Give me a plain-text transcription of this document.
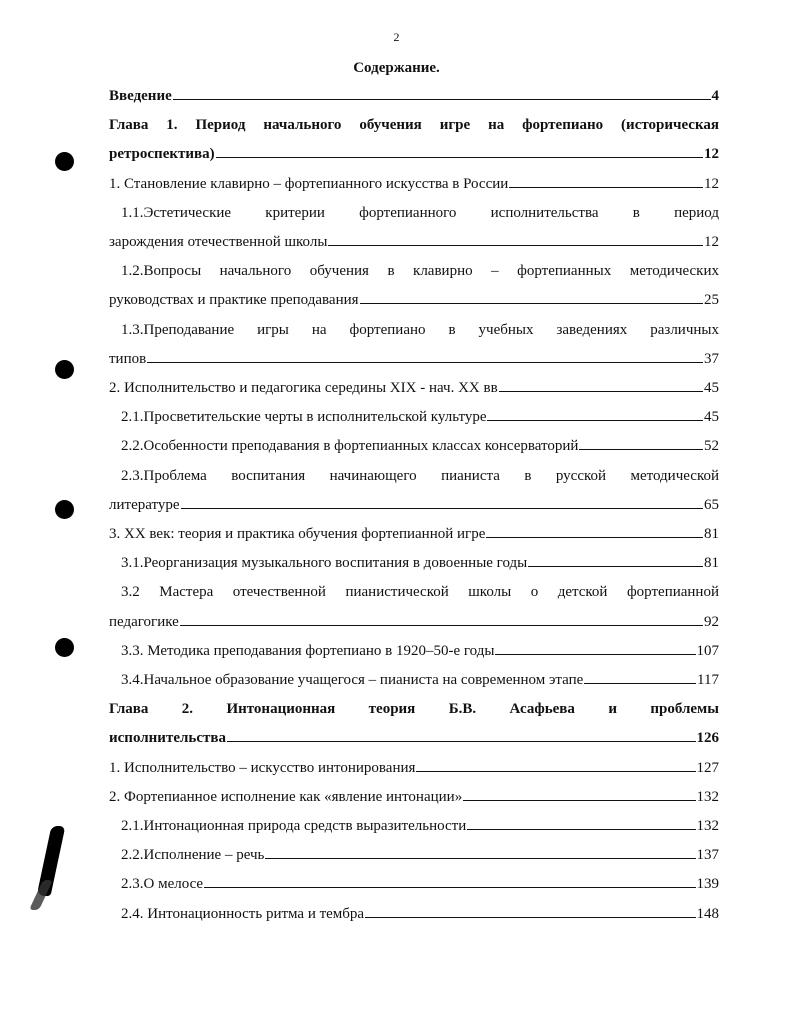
2
Содержание.
Введение	4
Глава 1. Период начального обучения игре на фортепиано (историческая
ретроспектива)	12
1. Становление клавирно – фортепианного искусства в России	12
1.1.Эстетические критерии фортепианного исполнительства в период
зарождения отечественной школы	12
1.2.Вопросы начального обучения в клавирно – фортепианных методических
руководствах и практике преподавания	25
1.3.Преподавание игры на фортепиано в учебных заведениях различных
типов	37
2. Исполнительство и педагогика середины XIX - нач. XX вв	45
2.1.Просветительские черты в исполнительской культуре	45
2.2.Особенности преподавания в фортепианных классах консерваторий	52
2.3.Проблема воспитания начинающего пианиста в русской методической
литературе	65
3. XX век: теория и практика обучения фортепианной игре	81
3.1.Реорганизация музыкального воспитания в довоенные годы	81
3.2 Мастера отечественной пианистической школы о детской фортепианной
педагогике	92
3.3. Методика преподавания фортепиано в 1920–50-е годы	107
3.4.Начальное образование учащегося – пианиста на современном этапе	117
Глава 2. Интонационная теория Б.В. Асафьева и проблемы
исполнительства	126
1. Исполнительство – искусство интонирования	127
2. Фортепианное исполнение как «явление интонации»	132
2.1.Интонационная природа средств выразительности	132
2.2.Исполнение – речь	137
2.3.О мелосе	139
2.4. Интонационность ритма и тембра	148
